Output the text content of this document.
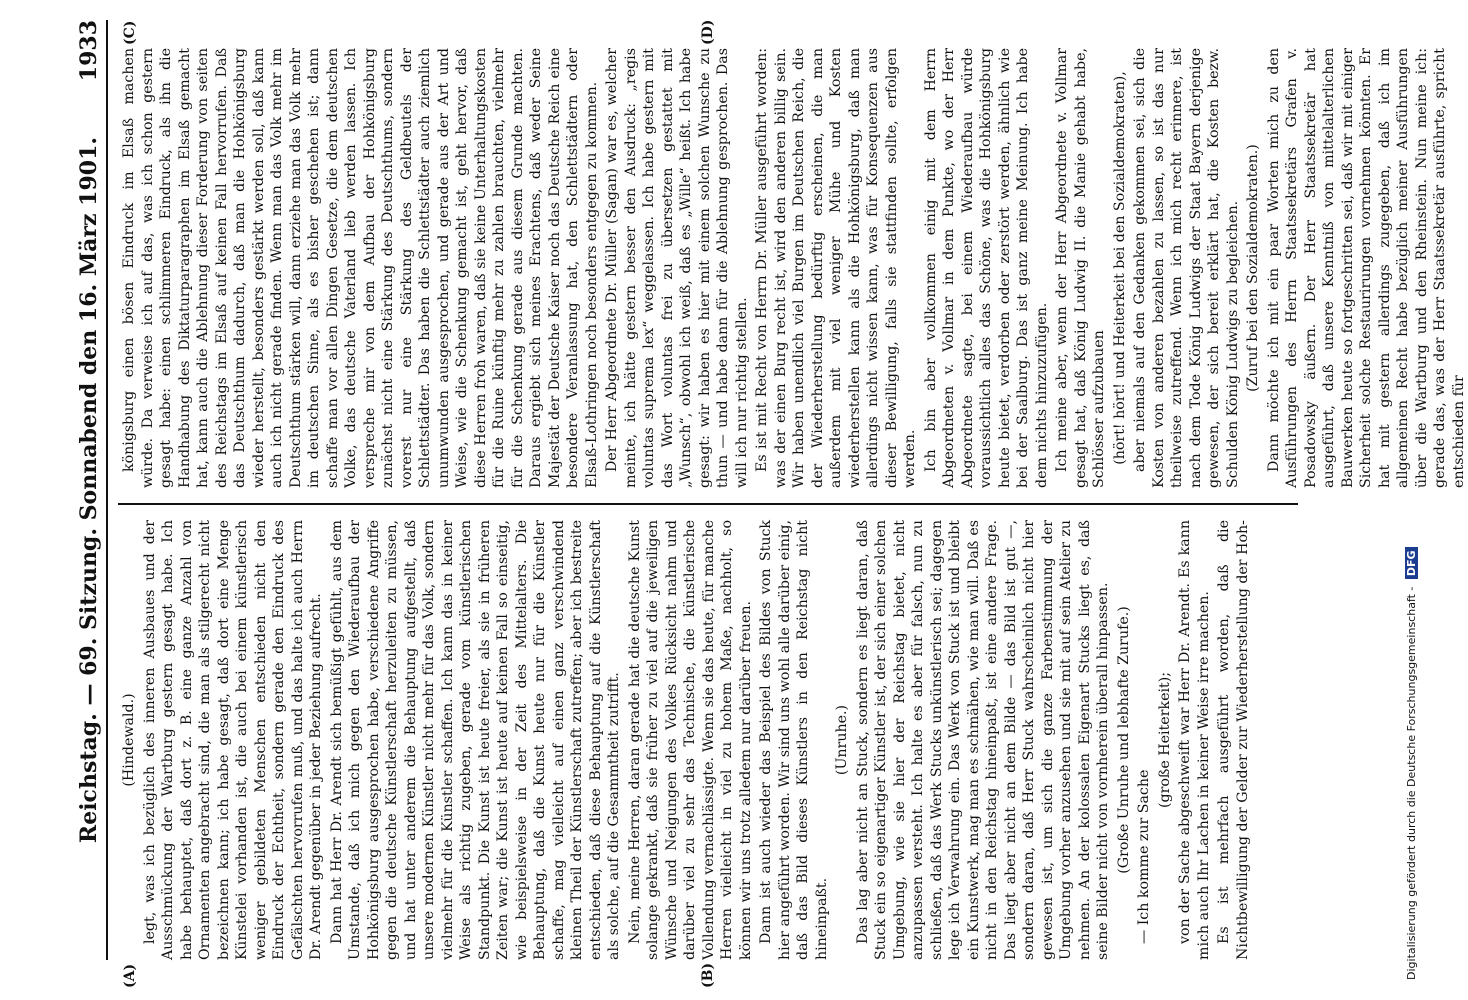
Reichstag. — 69. Sitzung. Sonnabend den 16. März 1901.
1933
(A)	(B)
(C)	(D)

(Hindewald.) legt, was ich bezüglich des inneren Ausbaues und der Ausschmückung der Wartburg gestern gesagt habe. Ich habe behauptet, daß dort z. B. eine ganze Anzahl von Ornamenten angebracht sind, die man als stilgerecht nicht bezeichnen kann; ich habe gesagt, daß dort eine Menge Künstelei vorhanden ist, die auch bei einem künstlerisch weniger gebildeten Menschen entschieden nicht den Eindruck der Echtheit, sondern gerade den Eindruck des Gefälschten hervorrufen muß, und das halte ich auch Herrn Dr. Arendt gegenüber in jeder Beziehung aufrecht. Dann hat Herr Dr. Arendt sich bemüßigt gefühlt, aus dem Umstande, daß ich mich gegen den Wiederaufbau der Hohkönigsburg ausgesprochen habe, verschiedene Angriffe gegen die deutsche Künstlerschaft herzuleiten zu müssen, und hat unter anderem die Behauptung aufgestellt, daß unsere modernen Künstler nicht mehr für das Volk, sondern vielmehr für die Künstler schaffen. Ich kann das in keiner Weise als richtig zugeben, gerade vom künstlerischen Standpunkt. Die Kunst ist heute freier, als sie in früheren Zeiten war; die Kunst ist heute auf keinen Fall so einseitig, wie beispielsweise in der Zeit des Mittelalters. Die Behauptung, daß die Kunst heute nur für die Künstler schaffe, mag vielleicht auf einen ganz verschwindend kleinen Theil der Künstlerschaft zutreffen; aber ich bestreite entschieden, daß diese Behauptung auf die Künstlerschaft als solche, auf die Gesammtheit zutrifft. Nein, meine Herren, daran gerade hat die deutsche Kunst solange gekrankt, daß sie früher zu viel auf die jeweiligen Wünsche und Neigungen des Volkes Rücksicht nahm und darüber viel zu sehr das Technische, die künstlerische Vollendung vernachlässigte. Wenn sie das heute, für manche Herren vielleicht in viel zu hohem Maße, nachholt, so können wir uns trotz alledem nur darüber freuen. Dann ist auch wieder das Beispiel des Bildes von Stuck hier angeführt worden. Wir sind uns wohl alle darüber einig, daß das Bild dieses Künstlers in den Reichstag nicht hineinpaßt.

(Unruhe.) Das lag aber nicht an Stuck, sondern es liegt daran, daß Stuck ein so eigenartiger Künstler ist, der sich einer solchen Umgebung, wie sie hier der Reichstag bietet, nicht anzupassen versteht. Ich halte es aber für falsch, nun zu schließen, daß das Werk Stucks unkünstlerisch sei; dagegen lege ich Verwahrung ein. Das Werk von Stuck ist und bleibt ein Kunstwerk, mag man es schmähen, wie man will. Daß es nicht in den Reichstag hineinpaßt, ist eine andere Frage. Das liegt aber nicht an dem Bilde — das Bild ist gut —, sondern daran, daß Herr Stuck wahrscheinlich nicht hier gewesen ist, um sich die ganze Farbenstimmung der Umgebung vorher anzusehen und sie mit auf sein Atelier zu nehmen. An der kolossalen Eigenart Stucks liegt es, daß seine Bilder nicht von vornherein überall hinpassen. (Große Unruhe und lebhafte Zurufe.) — Ich komme zur Sache

(große Heiterkeit); von der Sache abgeschweift war Herr Dr. Arendt. Es kann mich auch Ihr Lachen in keiner Weise irre machen. Es ist mehrfach ausgeführt worden, daß die Nichtbewilligung der Gelder zur Wiederherstellung der Hoh-

königsburg einen bösen Eindruck im Elsaß machen würde. Da verweise ich auf das, was ich schon gestern gesagt habe: einen schlimmeren Eindruck, als ihn die Handhabung des Diktaturparagraphen im Elsaß gemacht hat, kann auch die Ablehnung dieser Forderung von seiten des Reichstags im Elsaß auf keinen Fall hervorrufen. Daß das Deutschthum dadurch, daß man die Hohkönigsburg wieder herstellt, besonders gestärkt werden soll, daß kann auch ich nicht gerade finden. Wenn man das Volk mehr im Deutschthum stärken will, dann erziehe man das Volk mehr im deutschen Sinne, als es bisher geschehen ist; dann schaffe man vor allen Dingen Gesetze, die dem deutschen Volke, das deutsche Vaterland lieb werden lassen. Ich verspreche mir von dem Aufbau der Hohkönigsburg zunächst nicht eine Stärkung des Deutschthums, sondern vorerst nur eine Stärkung des Geldbeutels der Schlettstädter. Das haben die Schlettstädter auch ziemlich unumwunden ausgesprochen, und gerade aus der Art und Weise, wie die Schenkung gemacht ist, geht hervor, daß diese Herren froh waren, daß sie keine Unterhaltungskosten für die Ruine künftig mehr zu zahlen brauchten, vielmehr für die Schenkung gerade aus diesem Grunde machten. Daraus ergiebt sich meines Erachtens, daß weder Seine Majestät der Deutsche Kaiser noch das Deutsche Reich eine besondere Veranlassung hat, den Schlettstädtern oder Elsaß-Lothringen noch besonders entgegen zu kommen. Der Herr Abgeordnete Dr. Müller (Sagan) war es, welcher meinte, ich hätte gestern besser den Ausdruck: „regis voluntas suprema lex“ weggelassen. Ich habe gestern mit das Wort voluntas frei zu übersetzen gestattet mit „Wunsch“, obwohl ich weiß, daß es „Wille“ heißt. Ich habe gesagt: wir haben es hier mit einem solchen Wunsche zu thun — und habe dann für die Ablehnung gesprochen. Das will ich nur richtig stellen. Es ist mit Recht von Herrn Dr. Müller ausgeführt worden: was der einen Burg recht ist, wird den anderen billig sein. Wir haben unendlich viel Burgen im Deutschen Reich, die der Wiederherstellung bedürftig erscheinen, die man außerdem mit viel weniger Mühe und Kosten wiederherstellen kann als die Hohkönigsburg, daß man allerdings nicht wissen kann, was für Konsequenzen aus dieser Bewilligung, falls sie stattfinden sollte, erfolgen werden. Ich bin aber vollkommen einig mit dem Herrn Abgeordneten v. Vollmar in dem Punkte, wo der Herr Abgeordnete sagte, bei einem Wiederaufbau würde voraussichtlich alles das Schöne, was die Hohkönigsburg heute bietet, verdorben oder zerstört werden, ähnlich wie bei der Saalburg. Das ist ganz meine Meinung. Ich habe dem nichts hinzuzufügen. Ich meine aber, wenn der Herr Abgeordnete v. Vollmar gesagt hat, daß König Ludwig II. die Manie gehabt habe, Schlösser aufzubauen (hört! hört! und Heiterkeit bei den Sozialdemokraten), aber niemals auf den Gedanken gekommen sei, sich die Kosten von anderen bezahlen zu lassen, so ist das nur theilweise zutreffend. Wenn ich mich recht erinnere, ist nach dem Tode König Ludwigs der Staat Bayern derjenige gewesen, der sich bereit erklärt hat, die Kosten bezw. Schulden König Ludwigs zu begleichen. (Zuruf bei den Sozialdemokraten.) Dann möchte ich mit ein paar Worten mich zu den Ausführungen des Herrn Staatssekretärs Grafen v. Posadowsky äußern. Der Herr Staatssekretär hat ausgeführt, daß unsere Kenntniß von mittelalterlichen Bauwerken heute so fortgeschritten sei, daß wir mit einiger Sicherheit solche Restaurirungen vornehmen könnten. Er hat mit gestern allerdings zugegeben, daß ich im allgemeinen Recht habe bezüglich meiner Ausführungen über die Wartburg und den Rheinstein. Nun meine ich: gerade das, was der Herr Staatssekretär ausführte, spricht entschieden für

Digitalisierung gefördert durch die Deutsche Forschungsgemeinschaft - DFG
